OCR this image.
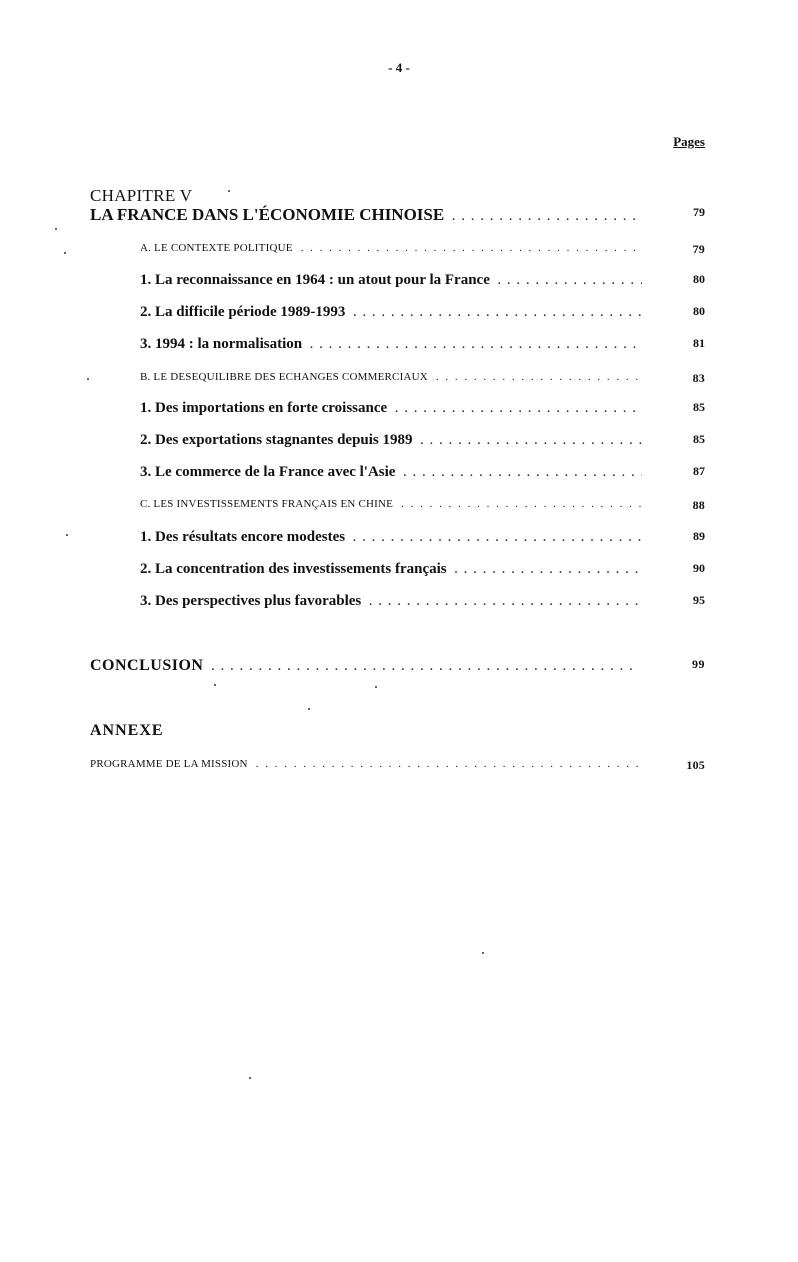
- 4 -
Pages
CHAPITRE V
LA FRANCE DANS L'ÉCONOMIE CHINOISE . . .	79
A. LE CONTEXTE POLITIQUE . . .	79
1. La reconnaissance en 1964 : un atout pour la France . . .	80
2. La difficile période 1989-1993 . . .	80
3. 1994 : la normalisation . . .	81
B. LE DESEQUILIBRE DES ECHANGES COMMERCIAUX . . .	83
1. Des importations en forte croissance . . .	85
2. Des exportations stagnantes depuis 1989 . . .	85
3. Le commerce de la France avec l'Asie . . .	87
C. LES INVESTISSEMENTS FRANÇAIS EN CHINE . . .	88
1. Des résultats encore modestes . . .	89
2. La concentration des investissements français . . .	90
3. Des perspectives plus favorables . . .	95
CONCLUSION . . .	99
ANNEXE
PROGRAMME DE LA MISSION . . .	105
